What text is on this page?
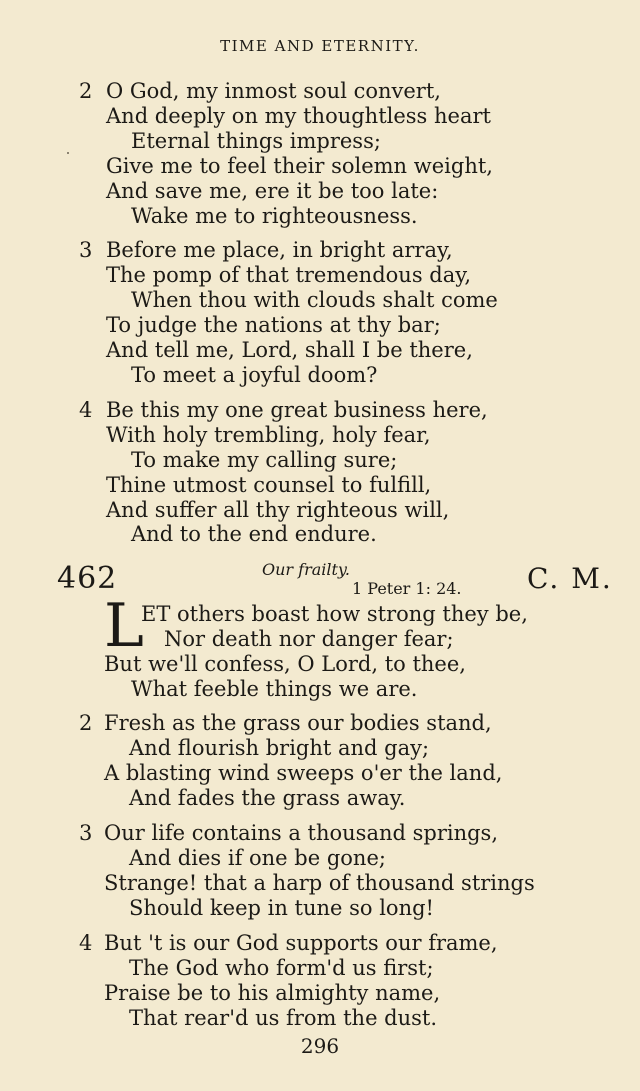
TIME AND ETERNITY.
2 O God, my inmost soul convert,
And deeply on my thoughtless heart
Eternal things impress;
Give me to feel their solemn weight,
And save me, ere it be too late:
Wake me to righteousness.
3 Before me place, in bright array,
The pomp of that tremendous day,
When thou with clouds shalt come
To judge the nations at thy bar;
And tell me, Lord, shall I be there,
To meet a joyful doom?
4 Be this my one great business here,
With holy trembling, holy fear,
To make my calling sure;
Thine utmost counsel to fulfill,
And suffer all thy righteous will,
And to the end endure.
462	Our frailty.
1 Peter 1: 24. C. M.
L
ET others boast how strong they be,
Nor death nor danger fear;
But we'll confess, O Lord, to thee,
What feeble things we are.
2 Fresh as the grass our bodies stand,
And flourish bright and gay;
A blasting wind sweeps o'er the land,
And fades the grass away.
3 Our life contains a thousand springs,
And dies if one be gone;
Strange! that a harp of thousand strings
Should keep in tune so long!
4 But 't is our God supports our frame,
The God who form'd us first;
Praise be to his almighty name,
That rear'd us from the dust.
296
